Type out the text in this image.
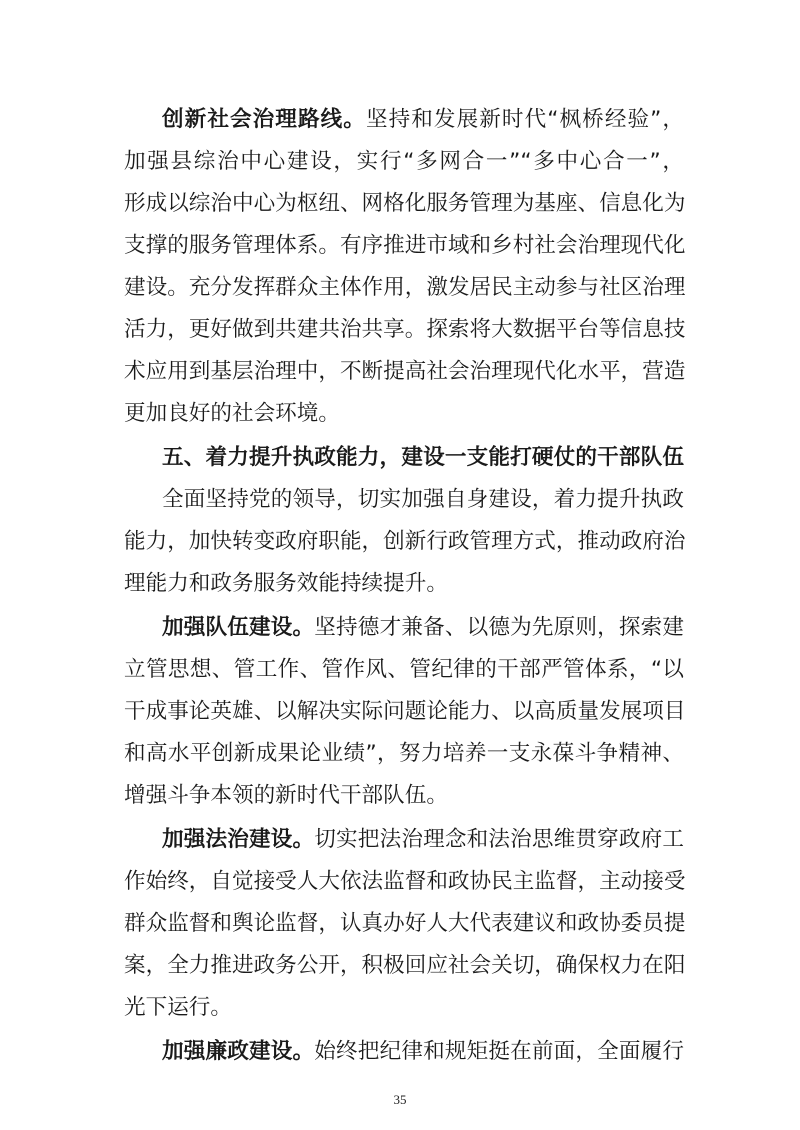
创新社会治理路线。坚持和发展新时代“枫桥经验”，
加强县综治中心建设，实行“多网合一”“多中心合一”，
形成以综治中心为枢纽、网格化服务管理为基座、信息化为
支撑的服务管理体系。有序推进市域和乡村社会治理现代化
建设。充分发挥群众主体作用，激发居民主动参与社区治理
活力，更好做到共建共治共享。探索将大数据平台等信息技
术应用到基层治理中，不断提高社会治理现代化水平，营造
更加良好的社会环境。
五、着力提升执政能力，建设一支能打硬仗的干部队伍
全面坚持党的领导，切实加强自身建设，着力提升执政
能力，加快转变政府职能，创新行政管理方式，推动政府治
理能力和政务服务效能持续提升。
加强队伍建设。坚持德才兼备、以德为先原则，探索建
立管思想、管工作、管作风、管纪律的干部严管体系，“以
干成事论英雄、以解决实际问题论能力、以高质量发展项目
和高水平创新成果论业绩”，努力培养一支永葆斗争精神、
增强斗争本领的新时代干部队伍。
加强法治建设。切实把法治理念和法治思维贯穿政府工
作始终，自觉接受人大依法监督和政协民主监督，主动接受
群众监督和舆论监督，认真办好人大代表建议和政协委员提
案，全力推进政务公开，积极回应社会关切，确保权力在阳
光下运行。
加强廉政建设。始终把纪律和规矩挺在前面，全面履行
35
